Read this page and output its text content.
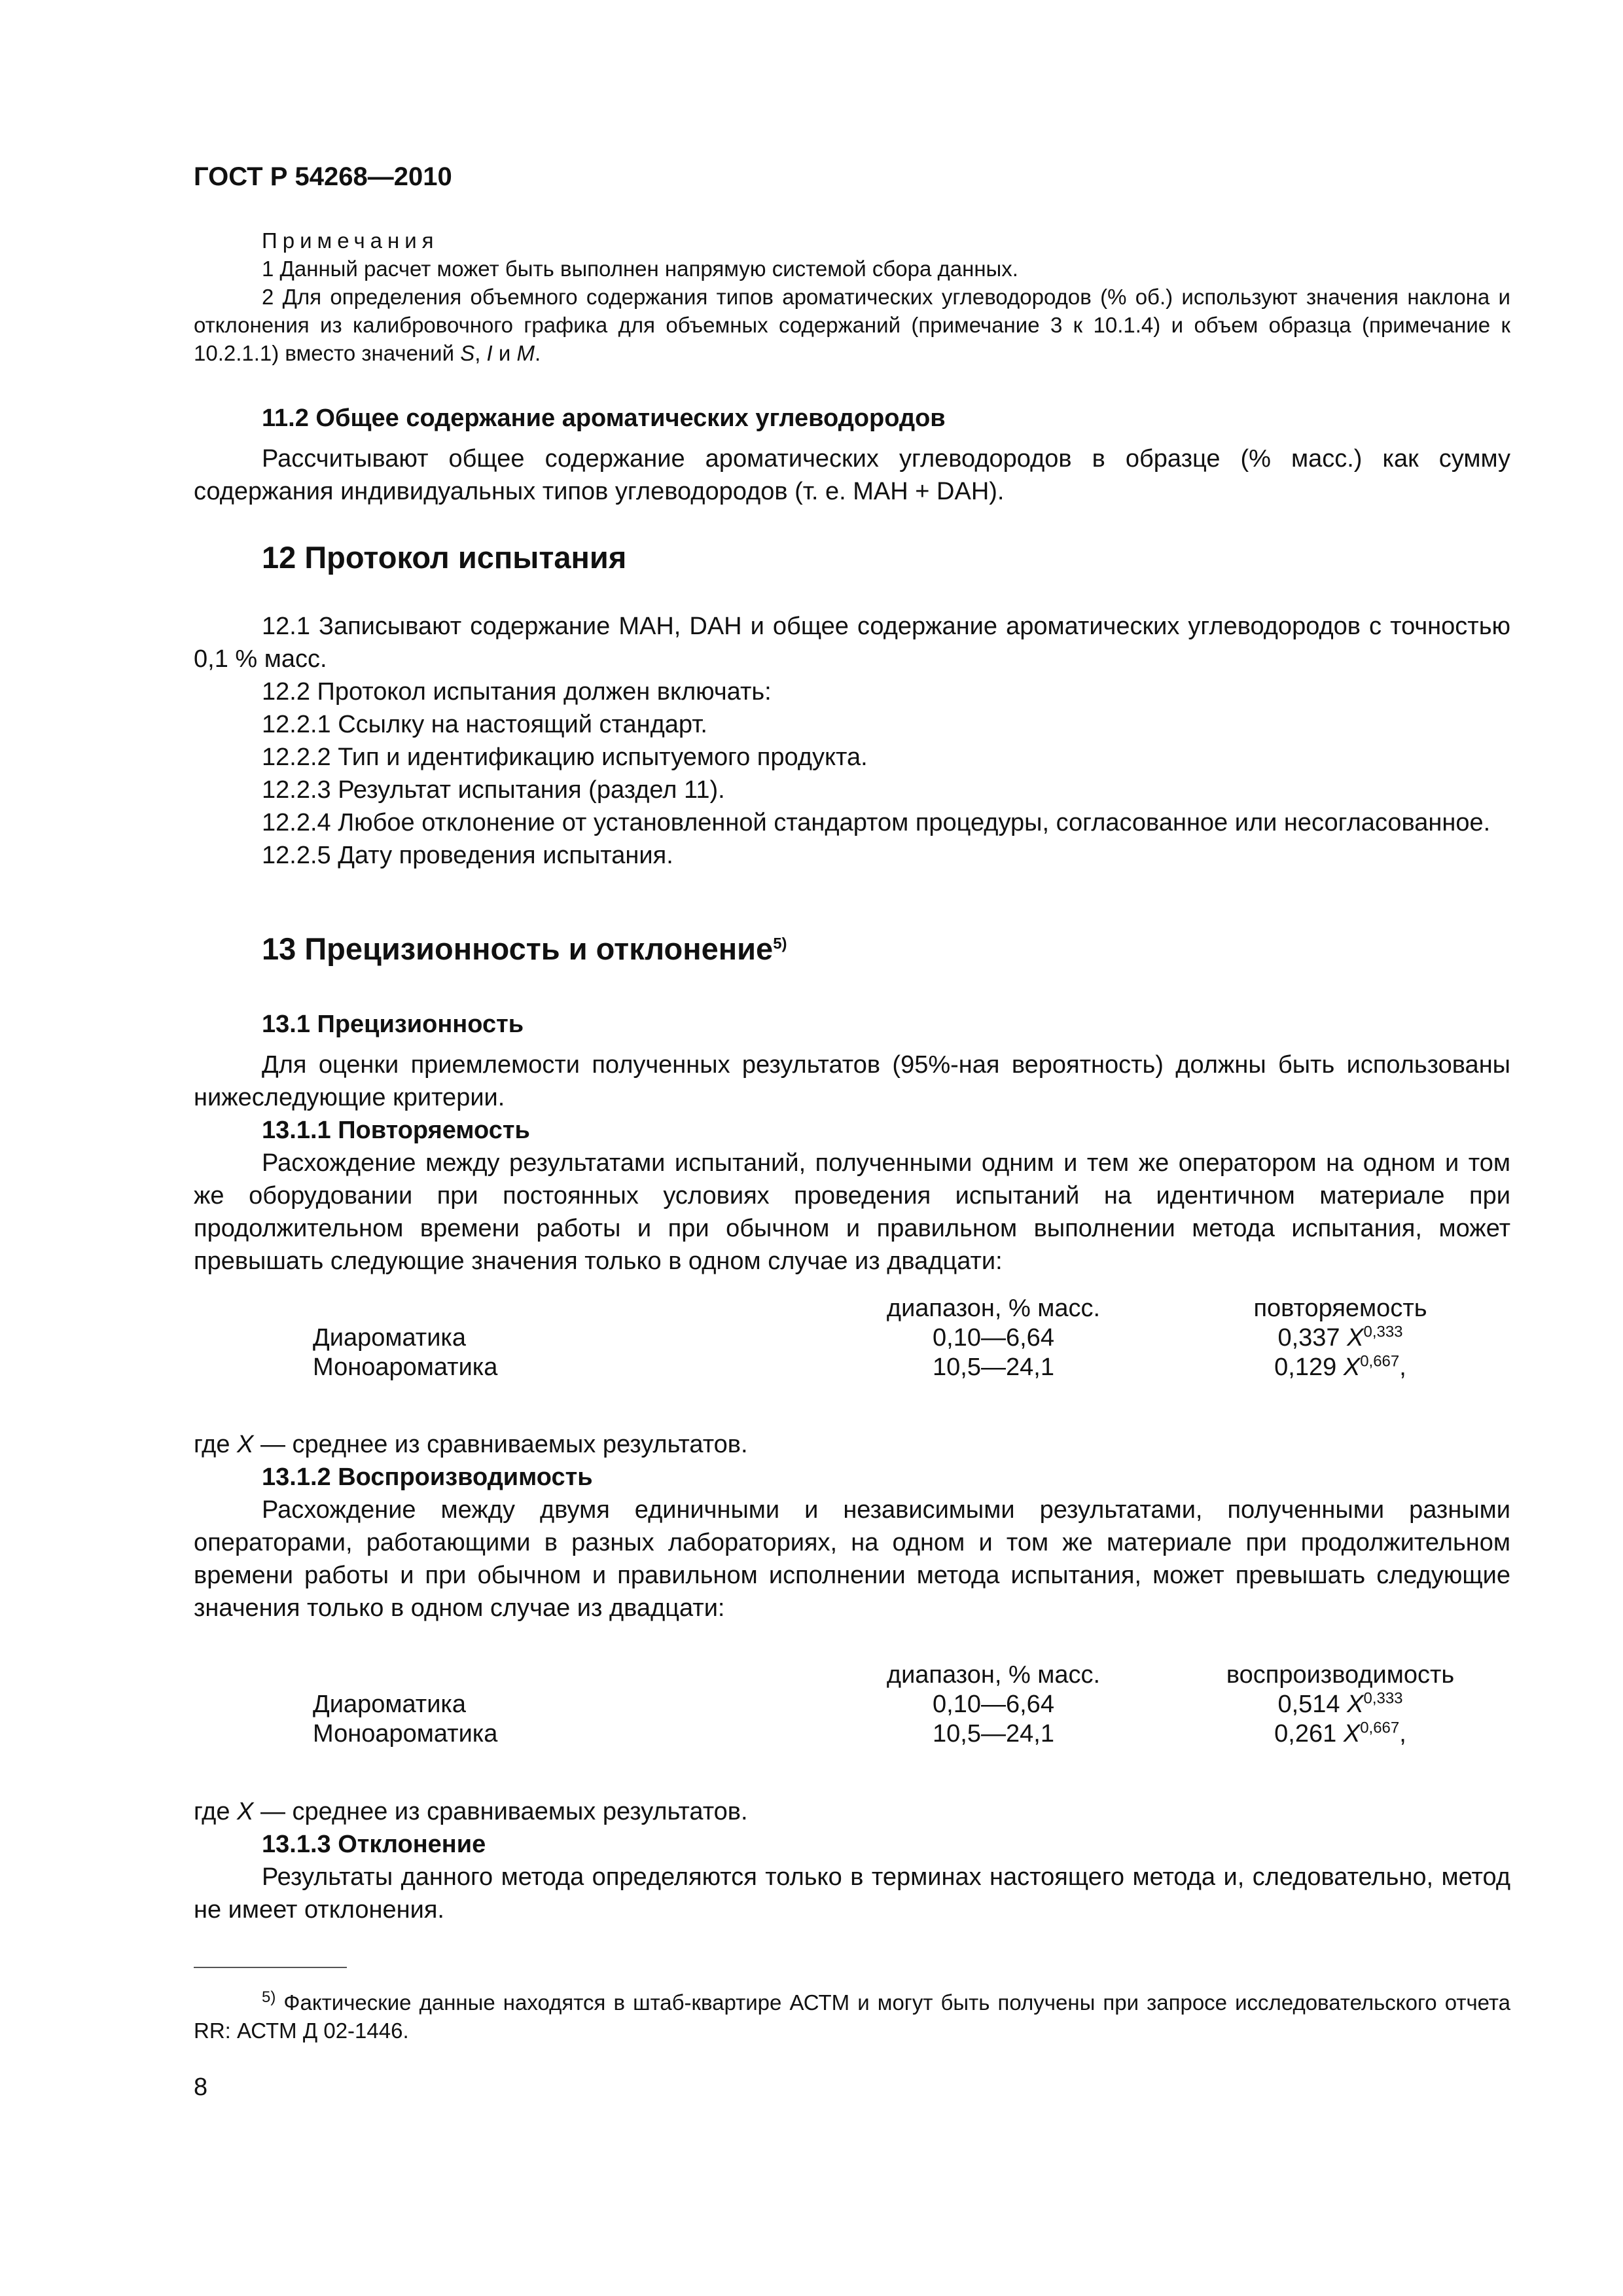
ГОСТ Р 54268—2010

Примечания

1 Данный расчет может быть выполнен напрямую системой сбора данных.

2 Для определения объемного содержания типов ароматических углеводородов (% об.) используют значения наклона и отклонения из калибровочного графика для объемных содержаний (примечание 3 к 10.1.4) и объем образца (примечание к 10.2.1.1) вместо значений S, I и M.

11.2 Общее содержание ароматических углеводородов

Рассчитывают общее содержание ароматических углеводородов в образце (% масс.) как сумму содержания индивидуальных типов углеводородов (т. е. МАН + DАН).

12 Протокол испытания

12.1 Записывают содержание МАН, DАН и общее содержание ароматических углеводородов с точностью 0,1 % масс.

12.2 Протокол испытания должен включать:

12.2.1 Ссылку на настоящий стандарт.

12.2.2 Тип и идентификацию испытуемого продукта.

12.2.3 Результат испытания (раздел 11).

12.2.4 Любое отклонение от установленной стандартом процедуры, согласованное или несогласованное.

12.2.5 Дату проведения испытания.

13 Прецизионность и отклонение$^{5)}$

13.1 Прецизионность

Для оценки приемлемости полученных результатов (95%-ная вероятность) должны быть использованы нижеследующие критерии.

13.1.1 Повторяемость

Расхождение между результатами испытаний, полученными одним и тем же оператором на одном и том же оборудовании при постоянных условиях проведения испытаний на идентичном материале при продолжительном времени работы и при обычном и правильном выполнении метода испытания, может превышать следующие значения только в одном случае из двадцати:

	диапазон, % масс.	повторяемость
Диароматика	0,10—6,64	0,337 X$^{0,333}$
Моноароматика	10,5—24,1	0,129 X$^{0,667}$,

где X — среднее из сравниваемых результатов.

13.1.2 Воспроизводимость

Расхождение между двумя единичными и независимыми результатами, полученными разными операторами, работающими в разных лабораториях, на одном и том же материале при продолжительном времени работы и при обычном и правильном исполнении метода испытания, может превышать следующие значения только в одном случае из двадцати:

	диапазон, % масс.	воспроизводимость
Диароматика	0,10—6,64	0,514 X$^{0,333}$
Моноароматика	10,5—24,1	0,261 X$^{0,667}$,

где X — среднее из сравниваемых результатов.

13.1.3 Отклонение

Результаты данного метода определяются только в терминах настоящего метода и, следовательно, метод не имеет отклонения.

$^{5)}$ Фактические данные находятся в штаб-квартире АСТМ и могут быть получены при запросе исследовательского отчета RR: АСТМ Д 02-1446.

8
